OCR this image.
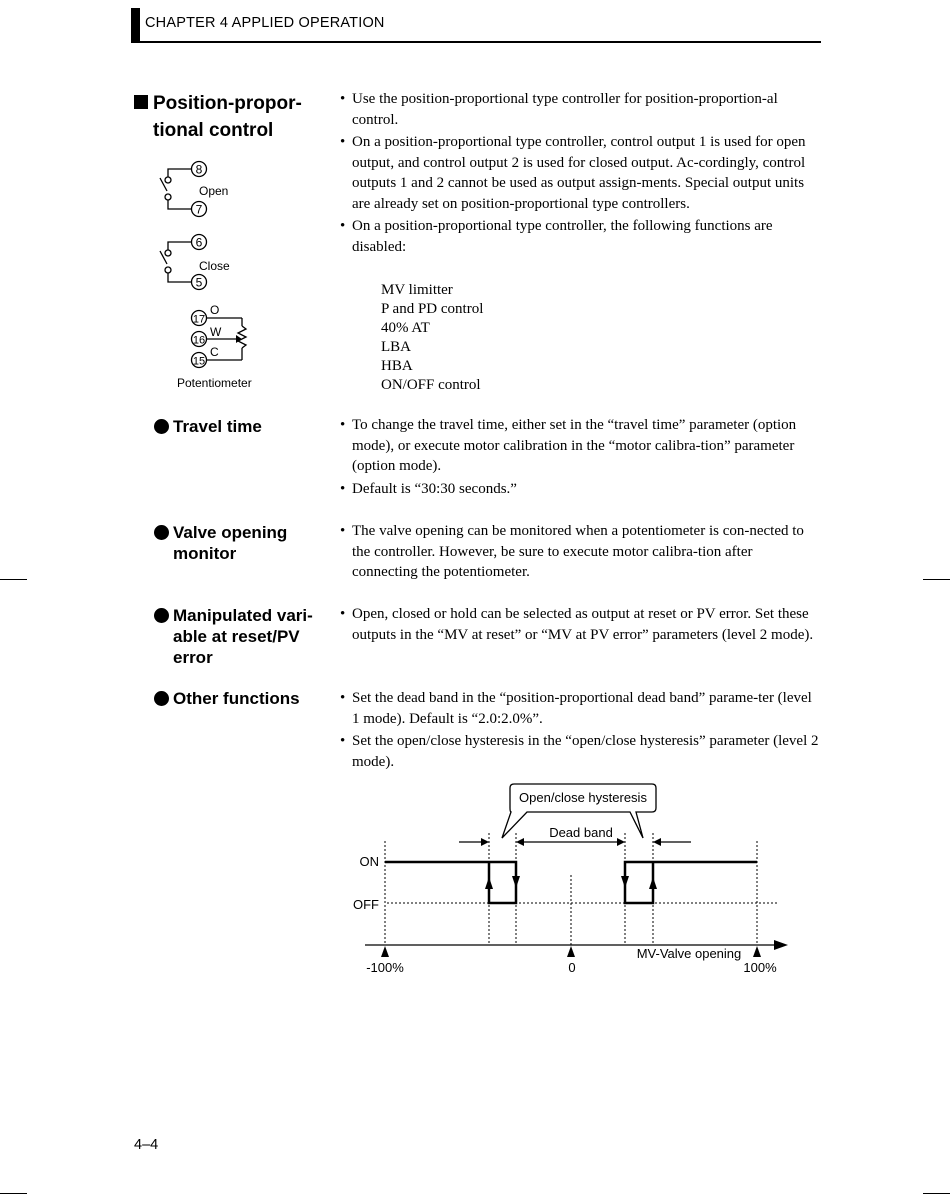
CHAPTER 4 APPLIED OPERATION
Position-propor-
tional control
8
7
6
5
17
16
15
Open
Close
O
W
C
Potentiometer
• Use the position-proportional type controller for position-proportion-al control.
• On a position-proportional type controller, control output 1 is used for open output, and control output 2 is used for closed output. Ac-cordingly, control outputs 1 and 2 cannot be used as output assign-ments. Special output units are already set on position-proportional type controllers.
• On a position-proportional type controller, the following functions are disabled:
MV limitter
P and PD control
40% AT
LBA
HBA
ON/OFF control
Travel time	• To change the travel time, either set in the “travel time” parameter (option mode), or execute motor calibration in the “motor calibra-tion” parameter (option mode).
• Default is “30:30 seconds.”
Valve opening
monitor
• The valve opening can be monitored when a potentiometer is con-nected to the controller. However, be sure to execute motor calibra-tion after connecting the potentiometer.
Manipulated vari-
able at reset/PV
error
• Open, closed or hold can be selected as output at reset or PV error. Set these outputs in the “MV at reset” or “MV at PV error” parameters (level 2 mode).
Other functions	• Set the dead band in the “position-proportional dead band” parame-ter (level 1 mode). Default is “2.0:2.0%”.
• Set the open/close hysteresis in the “open/close hysteresis” parameter (level 2 mode).
Open/close hysteresis
Dead band
ON
OFF
MV-Valve opening
-100%	0	100%
4–4
